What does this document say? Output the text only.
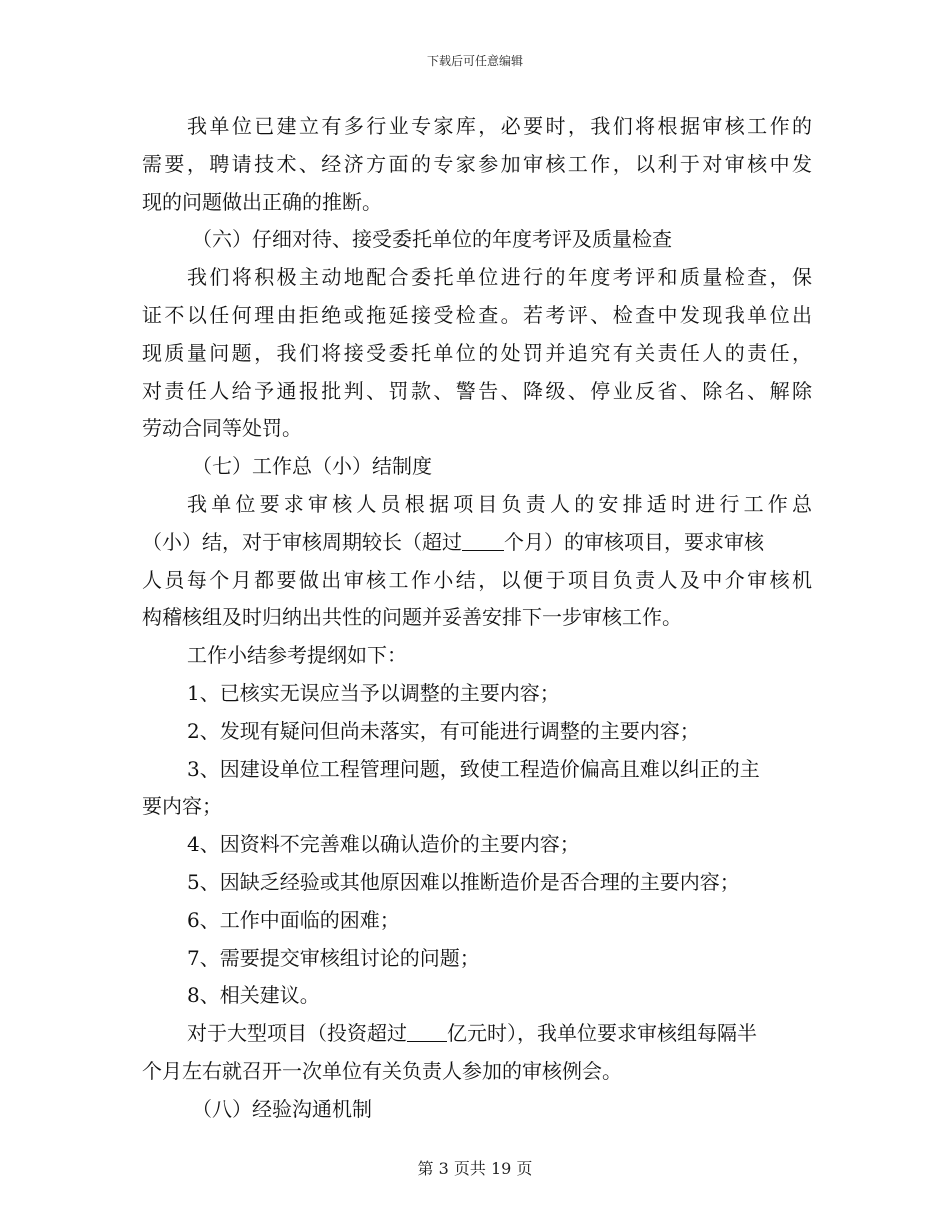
下载后可任意编辑
我单位已建立有多行业专家库，必要时，我们将根据审核工作的
需要，聘请技术、经济方面的专家参加审核工作，以利于对审核中发
现的问题做出正确的推断。
（六）仔细对待、接受委托单位的年度考评及质量检查
我们将积极主动地配合委托单位进行的年度考评和质量检查，保
证不以任何理由拒绝或拖延接受检查。若考评、检查中发现我单位出
现质量问题，我们将接受委托单位的处罚并追究有关责任人的责任，
对责任人给予通报批判、罚款、警告、降级、停业反省、除名、解除
劳动合同等处罚。
（七）工作总（小）结制度
我单位要求审核人员根据项目负责人的安排适时进行工作总
（小）结，对于审核周期较长（超过 个月）的审核项目，要求审核
人员每个月都要做出审核工作小结，以便于项目负责人及中介审核机
构稽核组及时归纳出共性的问题并妥善安排下一步审核工作。
工作小结参考提纲如下：
1、已核实无误应当予以调整的主要内容；
2、发现有疑问但尚未落实，有可能进行调整的主要内容；
3、因建设单位工程管理问题，致使工程造价偏高且难以纠正的主
要内容；
4、因资料不完善难以确认造价的主要内容；
5、因缺乏经验或其他原因难以推断造价是否合理的主要内容；
6、工作中面临的困难；
7、需要提交审核组讨论的问题；
8、相关建议。
对于大型项目（投资超过 亿元时），我单位要求审核组每隔半
个月左右就召开一次单位有关负责人参加的审核例会。
（八）经验沟通机制
第 3 页共 19 页
